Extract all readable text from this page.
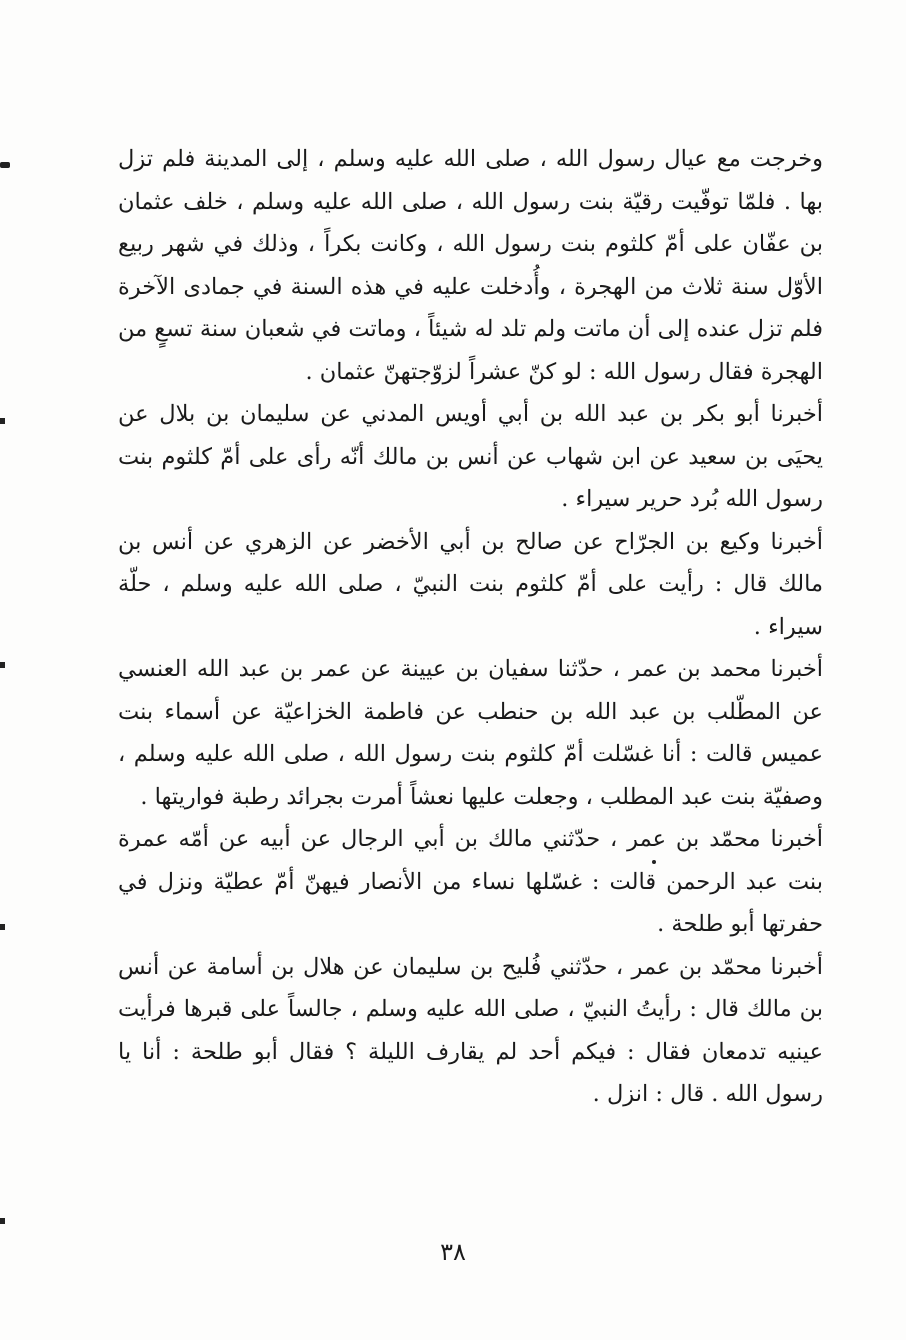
وخرجت مع عيال رسول الله ، صلى الله عليه وسلم ، إلى المدينة فلم تزل بها . فلمّا توفّيت رقيّة بنت رسول الله ، صلى الله عليه وسلم ، خلف عثمان بن عفّان على أمّ كلثوم بنت رسول الله ، وكانت بكراً ، وذلك في شهر ربيع الأوّل سنة ثلاث من الهجرة ، وأُدخلت عليه في هذه السنة في جمادى الآخرة فلم تزل عنده إلى أن ماتت ولم تلد له شيئاً ، وماتت في شعبان سنة تسعٍ من الهجرة فقال رسول الله : لو كنّ عشراً لزوّجتهنّ عثمان .

أخبرنا أبو بكر بن عبد الله بن أبي أويس المدني عن سليمان بن بلال عن يحيَى بن سعيد عن ابن شهاب عن أنس بن مالك أنّه رأى على أمّ كلثوم بنت رسول الله بُرد حرير سيراء .

أخبرنا وكيع بن الجرّاح عن صالح بن أبي الأخضر عن الزهري عن أنس بن مالك قال : رأيت على أمّ كلثوم بنت النبيّ ، صلى الله عليه وسلم ، حلّة سيراء .

أخبرنا محمد بن عمر ، حدّثنا سفيان بن عيينة عن عمر بن عبد الله العنسي عن المطّلب بن عبد الله بن حنطب عن فاطمة الخزاعيّة عن أسماء بنت عميس قالت : أنا غسّلت أمّ كلثوم بنت رسول الله ، صلى الله عليه وسلم ، وصفيّة بنت عبد المطلب ، وجعلت عليها نعشاً أمرت بجرائد رطبة فواريتها .

أخبرنا محمّد بن عمر ، حدّثني مالك بن أبي الرجال عن أبيه عن أمّه عمرة بنت عبد الرحمن قالت : غسّلها نساء من الأنصار فيهنّ أمّ عطيّة ونزل في حفرتها أبو طلحة .

أخبرنا محمّد بن عمر ، حدّثني فُليح بن سليمان عن هلال بن أسامة عن أنس بن مالك قال : رأيتُ النبيّ ، صلى الله عليه وسلم ، جالساً على قبرها فرأيت عينيه تدمعان فقال : فيكم أحد لم يقارف الليلة ؟ فقال أبو طلحة : أنا يا رسول الله . قال : انزل .

٣٨
